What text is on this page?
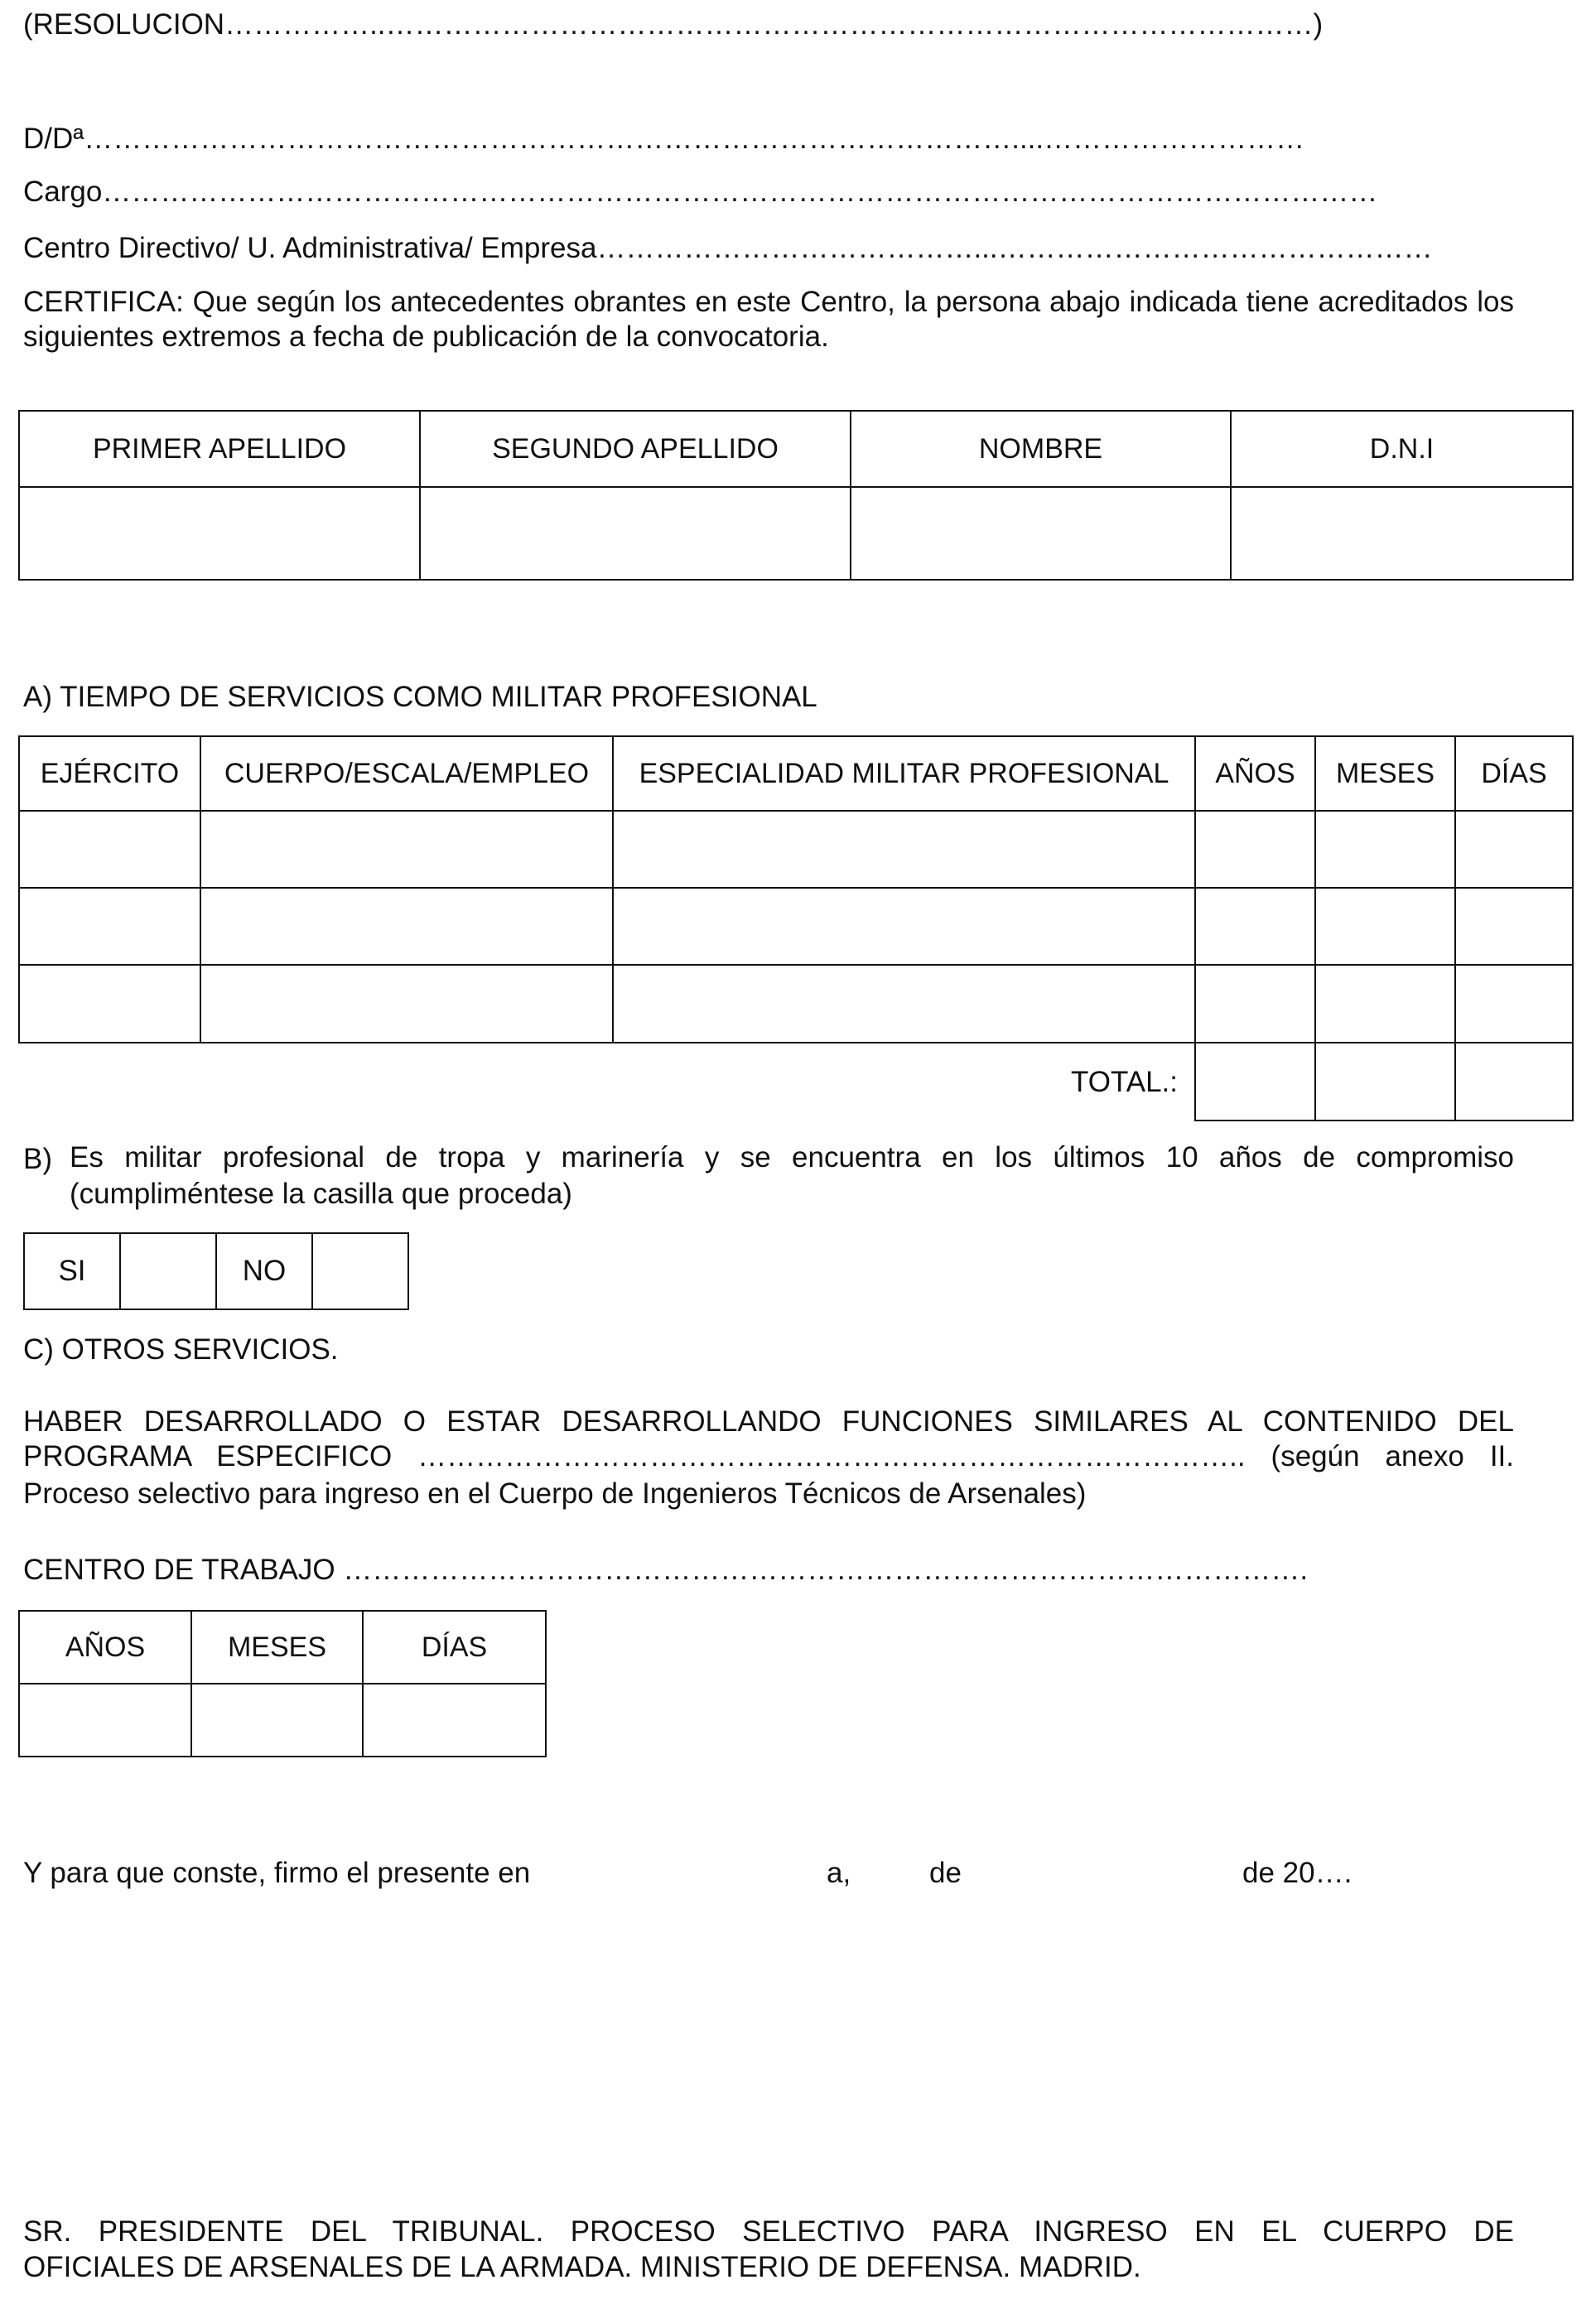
(RESOLUCION……………..……………………………………………………………………………………)
D/Dª……………………………………………………………………………………....………………………
Cargo……………………………………………………………………………………………………………………
Centro Directivo/ U. Administrativa/ Empresa…………………………………...………………………………………
CERTIFICA: Que según los antecedentes obrantes en este Centro, la persona abajo indicada tiene acreditados los siguientes extremos a fecha de publicación de la convocatoria.
PRIMER APELLIDO	SEGUNDO APELLIDO	NOMBRE	D.N.I

A) TIEMPO DE SERVICIOS COMO MILITAR PROFESIONAL
EJÉRCITO	CUERPO/ESCALA/EMPLEO	ESPECIALIDAD MILITAR PROFESIONAL	AÑOS	MESES	DÍAS

		TOTAL.:			
B) Es militar profesional de tropa y marinería y se encuentra en los últimos 10 años de compromiso
(cumpliméntese la casilla que proceda)
SI		NO	
C) OTROS SERVICIOS.
HABER DESARROLLADO O ESTAR DESARROLLANDO FUNCIONES SIMILARES AL CONTENIDO DEL
PROGRAMA ESPECIFICO ………………………………………………………………………….. (según anexo II.
Proceso selectivo para ingreso en el Cuerpo de Ingenieros Técnicos de Arsenales)
CENTRO DE TRABAJO ……………………………………………………………………………………….
AÑOS	MESES	DÍAS

Y para que conste, firmo el presente en	a,	de	de 20….
SR. PRESIDENTE DEL TRIBUNAL. PROCESO SELECTIVO PARA INGRESO EN EL CUERPO DE
OFICIALES DE ARSENALES DE LA ARMADA. MINISTERIO DE DEFENSA. MADRID.
